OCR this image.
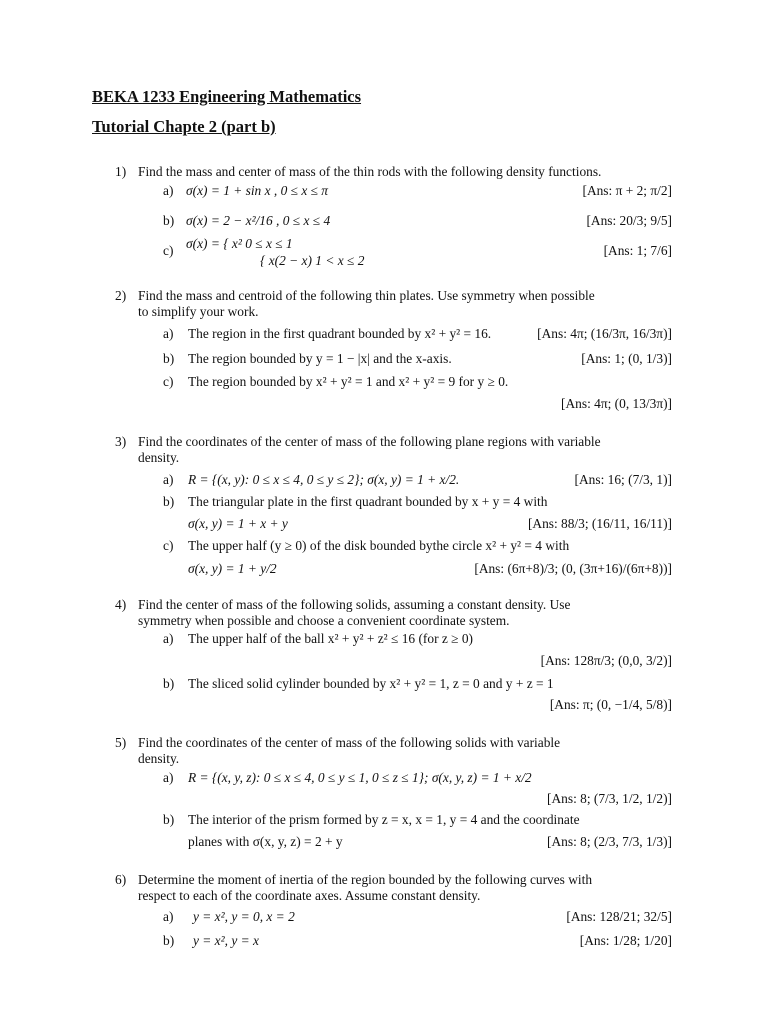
BEKA 1233 Engineering Mathematics
Tutorial Chapte 2 (part b)
1) Find the mass and center of mass of the thin rods with the following density functions.
a) σ(x) = 1 + sin x , 0 ≤ x ≤ π	[Ans: π + 2; π/2]
b) σ(x) = 2 − x²/16 , 0 ≤ x ≤ 4	[Ans: 20/3; 9/5]
c) σ(x) = { x² 0 ≤ x ≤ 1
{ x(2 − x) 1 < x ≤ 2
[Ans: 1; 7/6]
2) Find the mass and centroid of the following thin plates. Use symmetry when possible
to simplify your work.
a) The region in the first quadrant bounded by x² + y² = 16.	[Ans: 4π; (16/3π, 16/3π)]
b) The region bounded by y = 1 − |x| and the x-axis.	[Ans: 1; (0, 1/3)]
c) The region bounded by x² + y² = 1 and x² + y² = 9 for y ≥ 0.
[Ans: 4π; (0, 13/3π)]
3) Find the coordinates of the center of mass of the following plane regions with variable
density.
a) R = {(x, y): 0 ≤ x ≤ 4, 0 ≤ y ≤ 2}; σ(x, y) = 1 + x/2.	[Ans: 16; (7/3, 1)]
b) The triangular plate in the first quadrant bounded by x + y = 4 with
σ(x, y) = 1 + x + y	[Ans: 88/3; (16/11, 16/11)]
c) The upper half (y ≥ 0) of the disk bounded bythe circle x² + y² = 4 with
σ(x, y) = 1 + y/2	[Ans: (6π+8)/3; (0, (3π+16)/(6π+8))]
4) Find the center of mass of the following solids, assuming a constant density. Use
symmetry when possible and choose a convenient coordinate system.
a) The upper half of the ball x² + y² + z² ≤ 16 (for z ≥ 0)
[Ans: 128π/3; (0,0, 3/2)]
b) The sliced solid cylinder bounded by x² + y² = 1, z = 0 and y + z = 1
[Ans: π; (0, −1/4, 5/8)]
5) Find the coordinates of the center of mass of the following solids with variable
density.
a) R = {(x, y, z): 0 ≤ x ≤ 4, 0 ≤ y ≤ 1, 0 ≤ z ≤ 1}; σ(x, y, z) = 1 + x/2
[Ans: 8; (7/3, 1/2, 1/2)]
b) The interior of the prism formed by z = x, x = 1, y = 4 and the coordinate
planes with σ(x, y, z) = 2 + y	[Ans: 8; (2/3, 7/3, 1/3)]
6) Determine the moment of inertia of the region bounded by the following curves with
respect to each of the coordinate axes. Assume constant density.
a) y = x², y = 0, x = 2	[Ans: 128/21; 32/5]
b) y = x², y = x	[Ans: 1/28; 1/20]
